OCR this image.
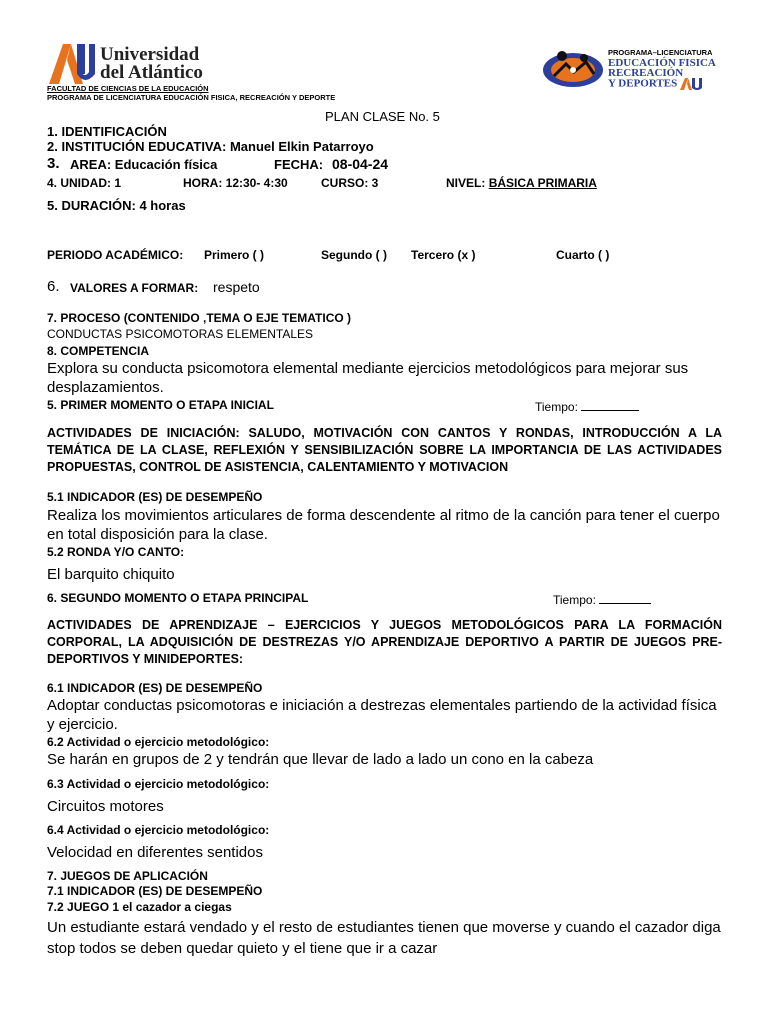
Universidad
del Atlántico
FACULTAD DE CIENCIAS DE LA EDUCACIÓN
PROGRAMA DE LICENCIATURA EDUCACIÓN FISICA, RECREACIÓN Y DEPORTE
PROGRAMA–LICENCIATURA
EDUCACIÓN FISICA
RECREACIÓN
Y DEPORTES
PLAN CLASE No. 5
1. IDENTIFICACIÓN
2. INSTITUCIÓN EDUCATIVA: Manuel Elkin Patarroyo
3. AREA: Educación física	FECHA: 08-04-24
4. UNIDAD: 1	HORA: 12:30- 4:30	CURSO: 3	NIVEL: BÁSICA PRIMARIA
5. DURACIÓN: 4 horas
PERIODO ACADÉMICO: Primero ( )	Segundo ( ) Tercero (x )	Cuarto ( )
6. VALORES A FORMAR: respeto
7. PROCESO (CONTENIDO ,TEMA O EJE TEMATICO )
CONDUCTAS PSICOMOTORAS ELEMENTALES
8. COMPETENCIA
Explora su conducta psicomotora elemental mediante ejercicios metodológicos para mejorar sus desplazamientos.
5. PRIMER MOMENTO O ETAPA INICIAL	Tiempo:
ACTIVIDADES DE INICIACIÓN: SALUDO, MOTIVACIÓN CON CANTOS Y RONDAS, INTRODUCCIÓN A LA TEMÁTICA DE LA CLASE, REFLEXIÓN Y SENSIBILIZACIÓN SOBRE LA IMPORTANCIA DE LAS ACTIVIDADES PROPUESTAS, CONTROL DE ASISTENCIA, CALENTAMIENTO Y MOTIVACION
5.1 INDICADOR (ES) DE DESEMPEÑO
Realiza los movimientos articulares de forma descendente al ritmo de la canción para tener el cuerpo en total disposición para la clase.
5.2 RONDA Y/O CANTO:
El barquito chiquito
6. SEGUNDO MOMENTO O ETAPA PRINCIPAL	Tiempo:
ACTIVIDADES DE APRENDIZAJE – EJERCICIOS Y JUEGOS METODOLÓGICOS PARA LA FORMACIÓN CORPORAL, LA ADQUISICIÓN DE DESTREZAS Y/O APRENDIZAJE DEPORTIVO A PARTIR DE JUEGOS PRE-DEPORTIVOS Y MINIDEPORTES:
6.1 INDICADOR (ES) DE DESEMPEÑO
Adoptar conductas psicomotoras e iniciación a destrezas elementales partiendo de la actividad física y ejercicio.
6.2 Actividad o ejercicio metodológico:
Se harán en grupos de 2 y tendrán que llevar de lado a lado un cono en la cabeza
6.3 Actividad o ejercicio metodológico:
Circuitos motores
6.4 Actividad o ejercicio metodológico:
Velocidad en diferentes sentidos
7. JUEGOS DE APLICACIÓN
7.1 INDICADOR (ES) DE DESEMPEÑO
7.2 JUEGO 1 el cazador a ciegas
Un estudiante estará vendado y el resto de estudiantes tienen que moverse y cuando el cazador diga stop todos se deben quedar quieto y el tiene que ir a cazar
